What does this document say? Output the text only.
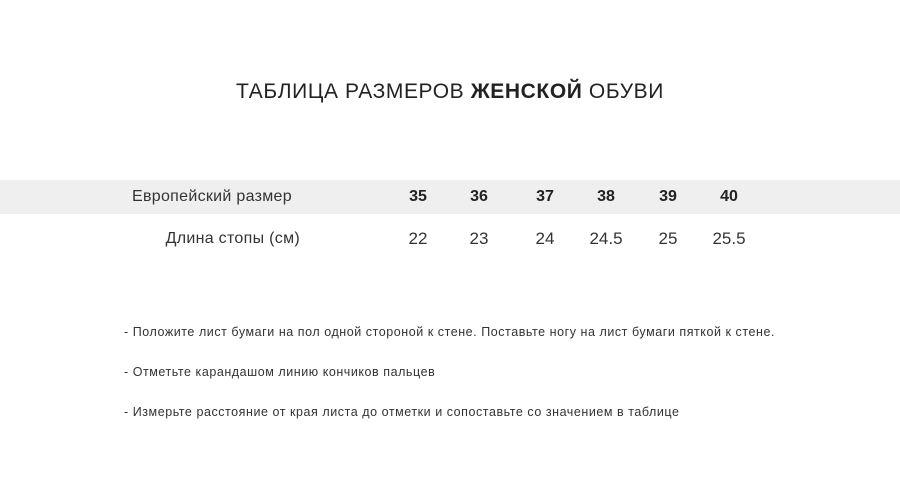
ТАБЛИЦА РАЗМЕРОВ ЖЕНСКОЙ ОБУВИ
Европейский размер	35	36	37	38	39	40
Длина стопы (см)	22	23	24	24.5	25	25.5
- Положите лист бумаги на пол одной стороной к стене. Поставьте ногу на лист бумаги пяткой к стене.
- Отметьте карандашом линию кончиков пальцев
- Измерьте расстояние от края листа до отметки и сопоставьте со значением в таблице
